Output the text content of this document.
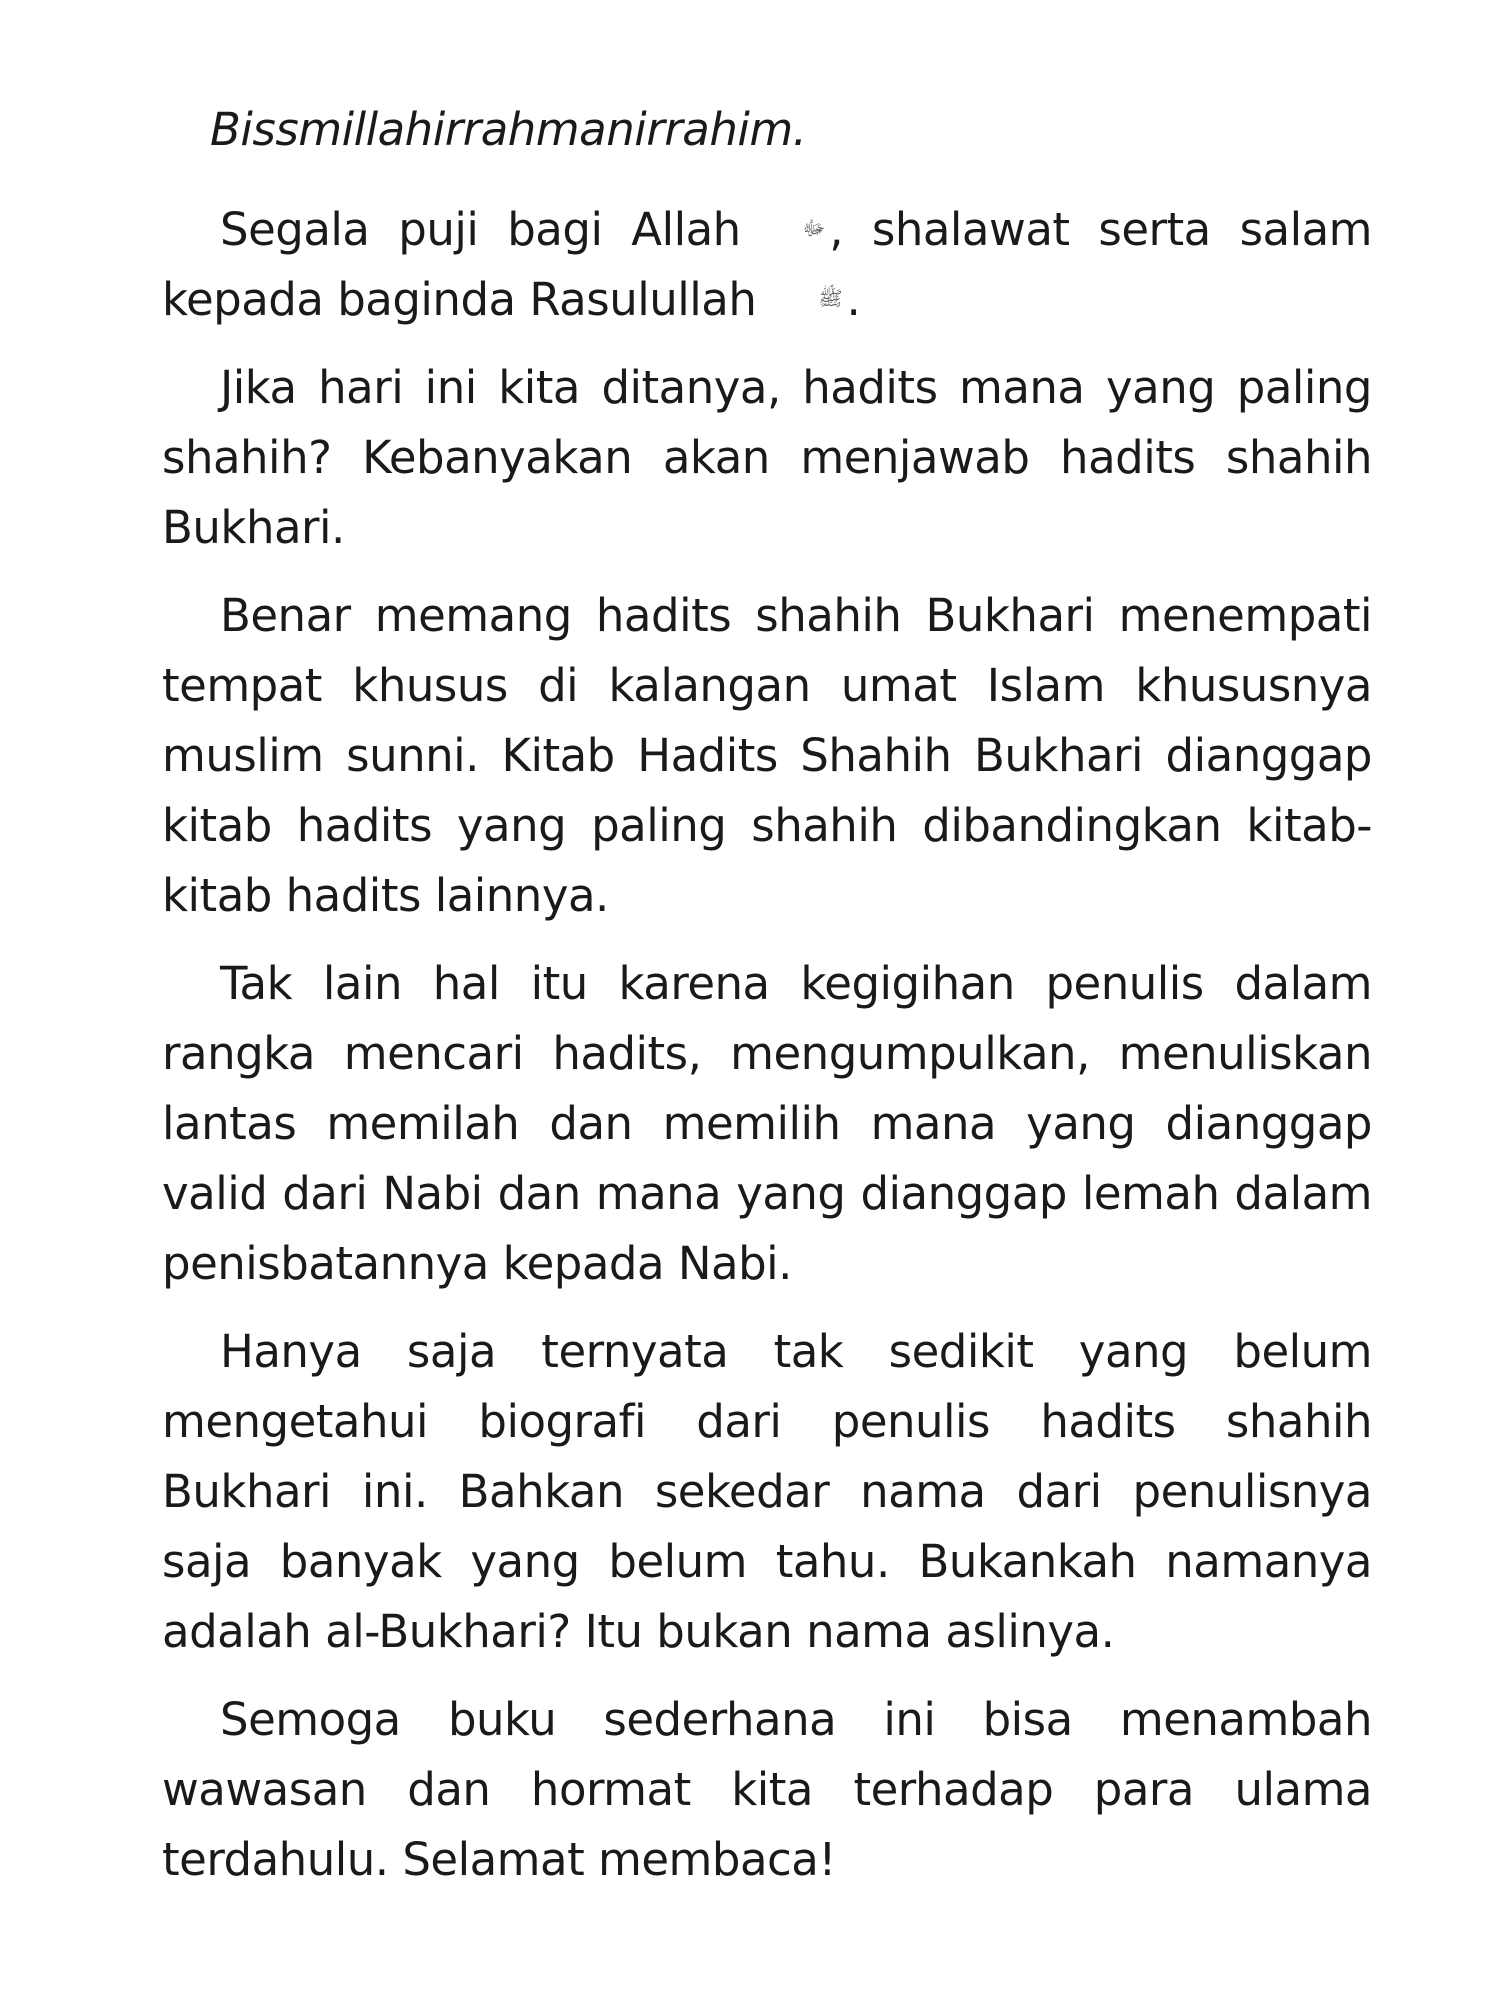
Bissmillahirrahmanirrahim.

Segala puji bagi Allah	ﷻ, shalawat serta salam kepada baginda Rasulullah	ﷺ.

Jika hari ini kita ditanya, hadits mana yang paling shahih? Kebanyakan akan menjawab hadits shahih Bukhari.

Benar memang hadits shahih Bukhari menempati tempat khusus di kalangan umat Islam khususnya muslim sunni. Kitab Hadits Shahih Bukhari dianggap kitab hadits yang paling shahih dibandingkan kitab-kitab hadits lainnya.

Tak lain hal itu karena kegigihan penulis dalam rangka mencari hadits, mengumpulkan, menuliskan lantas memilah dan memilih mana yang dianggap valid dari Nabi dan mana yang dianggap lemah dalam penisbatannya kepada Nabi.

Hanya saja ternyata tak sedikit yang belum mengetahui biografi dari penulis hadits shahih Bukhari ini. Bahkan sekedar nama dari penulisnya saja banyak yang belum tahu. Bukankah namanya adalah al-Bukhari? Itu bukan nama aslinya.

Semoga buku sederhana ini bisa menambah wawasan dan hormat kita terhadap para ulama terdahulu. Selamat membaca!
